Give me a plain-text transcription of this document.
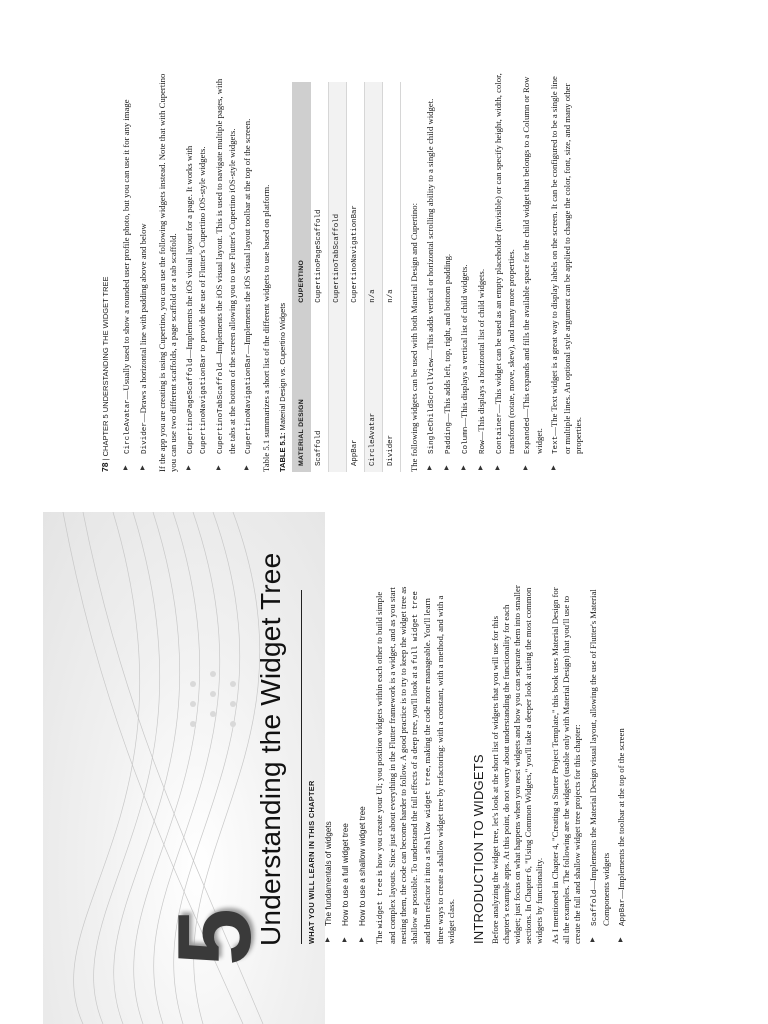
5
Understanding the Widget Tree	WHAT YOU WILL LEARN IN THIS CHAPTER ▶ The fundamentals of widgets ▶ How to use a full widget tree ▶ How to use a shallow widget tree

The widget tree is how you create your UI; you position widgets within each other to build simple and complex layouts. Since just about everything in the Flutter framework is a widget, and as you start nesting them, the code can become harder to follow. A good practice is to try to keep the widget tree as shallow as possible. To understand the full effects of a deep tree, you'll look at a full widget tree and then refactor it into a shallow widget tree, making the code more manageable. You'll learn three ways to create a shallow widget tree by refactoring: with a constant, with a method, and with a widget class. INTRODUCTION TO WIDGETS Before analyzing the widget tree, let's look at the short list of widgets that you will use for this chapter's example apps. At this point, do not worry about understanding the functionality for each widget; just focus on what happens when you nest widgets and how you can separate them into smaller sections. In Chapter 6, "Using Common Widgets," you'll take a deeper look at using the most common widgets by functionality. As I mentioned in Chapter 4, "Creating a Starter Project Template," this book uses Material Design for all the examples. The following are the widgets (usable only with Material Design) that you'll use to create the full and shallow widget tree projects for this chapter:	▶ Scaffold—Implements the Material Design visual layout, allowing the use of Flutter's Material Components widgets	▶ AppBar—Implements the toolbar at the top of the screen
78 | CHAPTER 5 UNDERSTANDING THE WIDGET TREE	▶ CircleAvatar—Usually used to show a rounded user profile photo, but you can use it for any image
▶ Divider—Draws a horizontal line with padding above and below	If the app you are creating is using Cupertino, you can use the following widgets instead. Note that with Cupertino you can use two different scaffolds, a page scaffold or a tab scaffold.	▶ CupertinoPageScaffold—Implements the iOS visual layout for a page. It works with CupertinoNavigationBar to provide the use of Flutter's Cupertino iOS-style widgets.
▶ CupertinoTabScaffold—Implements the iOS visual layout. This is used to navigate multiple pages, with the tabs at the bottom of the screen allowing you to use Flutter's Cupertino iOS-style widgets.	▶ CupertinoNavigationBar—Implements the iOS visual layout toolbar at the top of the screen.	Table 5.1 summarizes a short list of the different widgets to use based on platform. TABLE 5.1: Material Design vs. Cupertino Widgets
MATERIAL DESIGN	CUPERTINO
Scaffold	CupertinoPageScaffold
	CupertinoTabScaffold
AppBar	CupertinoNavigationBar
CircleAvatar	n/a
Divider	n/a The following widgets can be used with both Material Design and Cupertino:	▶ SingleChildScrollView—This adds vertical or horizontal scrolling ability to a single child widget.
▶ Padding—This adds left, top, right, and bottom padding.
▶ Column—This displays a vertical list of child widgets.
▶ Row—This displays a horizontal list of child widgets.	▶ Container—This widget can be used as an empty placeholder (invisible) or can specify height, width, color, transform (rotate, move, skew), and many more properties.	▶ Expanded—This expands and fills the available space for the child widget that belongs to a Column or Row widget.	▶ Text—The Text widget is a great way to display labels on the screen. It can be configured to be a single line or multiple lines. An optional style argument can be applied to change the color, font, size, and many other properties.
